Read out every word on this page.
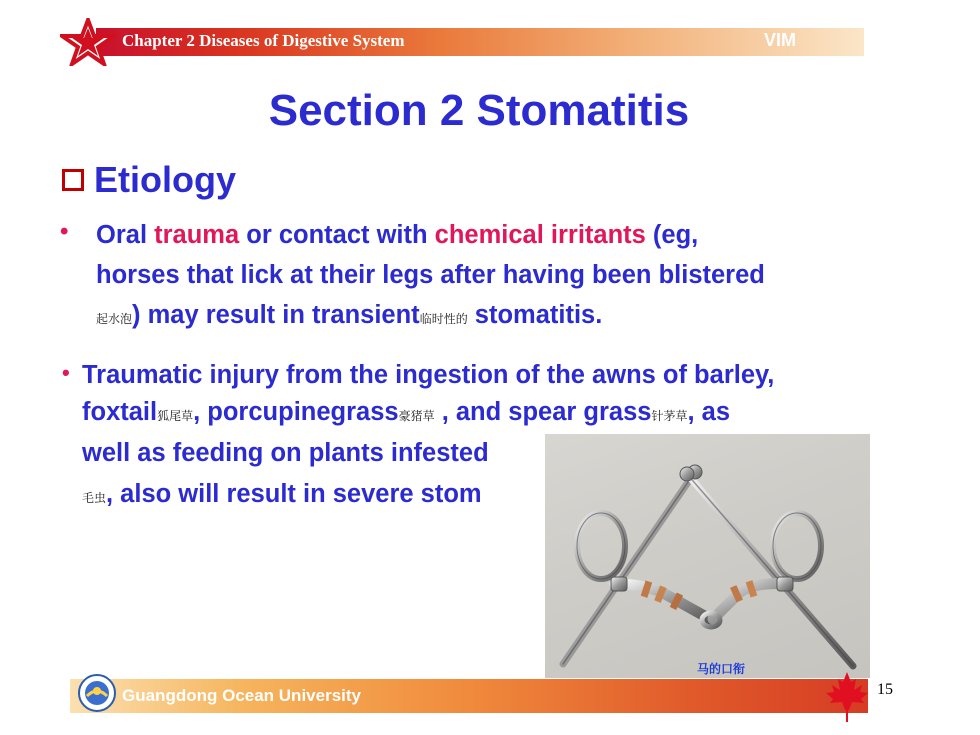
Chapter 2 Diseases of Digestive System	VIM
Section 2 Stomatitis
Etiology
• Oral trauma or contact with chemical irritants (eg,
horses that lick at their legs after having been blistered
起水泡) may result in transient临时性的 stomatitis.
• Traumatic injury from the ingestion of the awns of barley,
foxtail狐尾草, porcupinegrass豪猪草 , and spear grass针茅草, as
well as feeding on plants infested
毛虫, also will result in severe stom
马的口衔
Guangdong Ocean University	15
